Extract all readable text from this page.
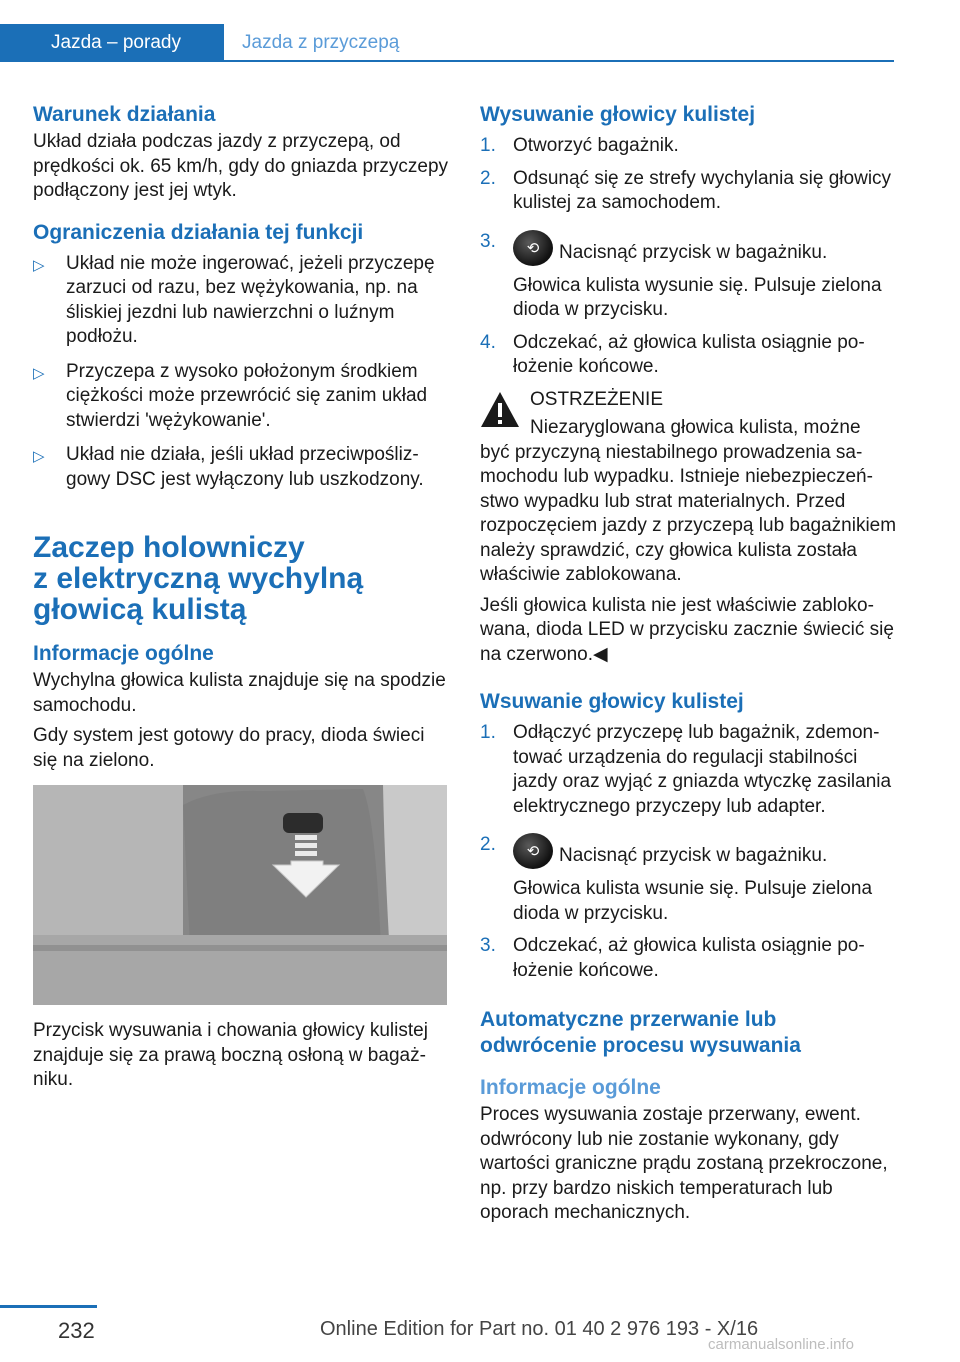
Jazda – porady	Jazda z przyczepą
Warunek działania

Układ działa podczas jazdy z przyczepą, od prędkości ok. 65 km/h, gdy do gniazda przyczepy podłączony jest jej wtyk.

Ograniczenia działania tej funkcji
▷	Układ nie może ingerować, jeżeli przyczepę zarzuci od razu, bez wężykowania, np. na śliskiej jezdni lub nawierzchni o luźnym podłożu.
▷	Przyczepa z wysoko położonym środkiem ciężkości może przewrócić się zanim układ stwierdzi 'wężykowanie'.
▷	Układ nie działa, jeśli układ przeciwpoślizgowy DSC jest wyłączony lub uszkodzony.
Zaczep holowniczy
z elektryczną wychylną
głowicą kulistą
Informacje ogólne

Wychylna głowica kulista znajduje się na spodzie samochodu.

Gdy system jest gotowy do pracy, dioda świeci się na zielono.

Przycisk wysuwania i chowania głowicy kulistej znajduje się za prawą boczną osłoną w bagażniku.

Wysuwanie głowicy kulistej
1. Otworzyć bagażnik.
2. Odsunąć się ze strefy wychylania się głowicy kulistej za samochodem.
3.	⟲	Nacisnąć przycisk w bagażniku.

Głowica kulista wysunie się. Pulsuje zielona dioda w przycisku.
4. Odczekać, aż głowica kulista osiągnie położenie końcowe.

OSTRZEŻENIE

Niezaryglowana głowica kulista, możne

być przyczyną niestabilnego prowadzenia samochodu lub wypadku. Istnieje niebezpieczeństwo wypadku lub strat materialnych. Przed rozpoczęciem jazdy z przyczepą lub bagażnikiem należy sprawdzić, czy głowica kulista została właściwie zablokowana.

Jeśli głowica kulista nie jest właściwie zablokowana, dioda LED w przycisku zacznie świecić się na czerwono.◀

Wsuwanie głowicy kulistej
1. Odłączyć przyczepę lub bagażnik, zdemontować urządzenia do regulacji stabilności jazdy oraz wyjąć z gniazda wtyczkę zasilania elektrycznego przyczepy lub adapter.
2.	⟲	Nacisnąć przycisk w bagażniku.

Głowica kulista wsunie się. Pulsuje zielona dioda w przycisku.
3. Odczekać, aż głowica kulista osiągnie położenie końcowe.
Automatyczne przerwanie lub
odwrócenie procesu wysuwania
Informacje ogólne

Proces wysuwania zostaje przerwany, ewent. odwrócony lub nie zostanie wykonany, gdy wartości graniczne prądu zostaną przekroczone, np. przy bardzo niskich temperaturach lub oporach mechanicznych.

232	Online Edition for Part no. 01 40 2 976 193 - X/16
carmanualsonline.info
